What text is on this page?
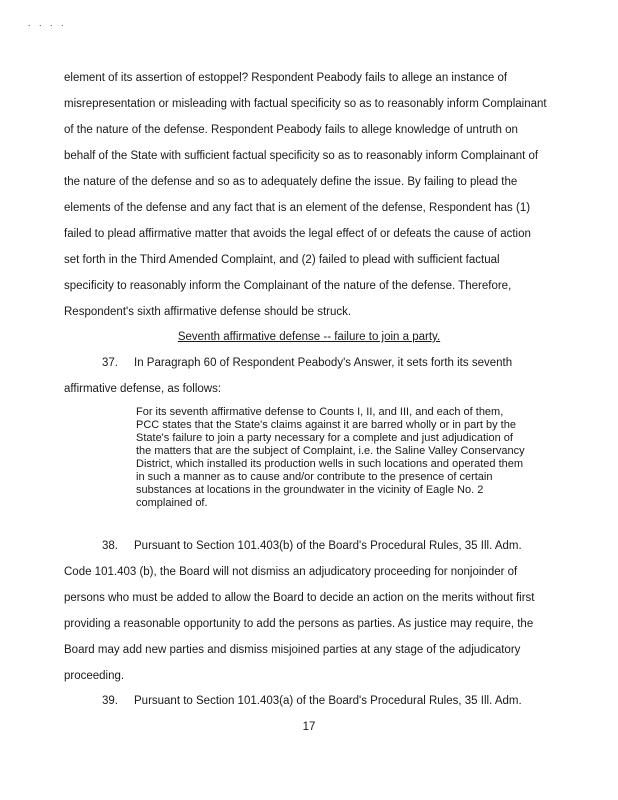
. . . .
element of its assertion of estoppel? Respondent Peabody fails to allege an instance of
misrepresentation or misleading with factual specificity so as to reasonably inform Complainant
of the nature of the defense. Respondent Peabody fails to allege knowledge of untruth on
behalf of the State with sufficient factual specificity so as to reasonably inform Complainant of
the nature of the defense and so as to adequately define the issue. By failing to plead the
elements of the defense and any fact that is an element of the defense, Respondent has (1)
failed to plead affirmative matter that avoids the legal effect of or defeats the cause of action
set forth in the Third Amended Complaint, and (2) failed to plead with sufficient factual
specificity to reasonably inform the Complainant of the nature of the defense. Therefore,
Respondent's sixth affirmative defense should be struck.
Seventh affirmative defense -- failure to join a party.
37. In Paragraph 60 of Respondent Peabody's Answer, it sets forth its seventh
affirmative defense, as follows:
For its seventh affirmative defense to Counts I, II, and III, and each of them,
PCC states that the State's claims against it are barred wholly or in part by the
State's failure to join a party necessary for a complete and just adjudication of
the matters that are the subject of Complaint, i.e. the Saline Valley Conservancy
District, which installed its production wells in such locations and operated them
in such a manner as to cause and/or contribute to the presence of certain
substances at locations in the groundwater in the vicinity of Eagle No. 2
complained of.
38. Pursuant to Section 101.403(b) of the Board's Procedural Rules, 35 Ill. Adm.
Code 101.403 (b), the Board will not dismiss an adjudicatory proceeding for nonjoinder of
persons who must be added to allow the Board to decide an action on the merits without first
providing a reasonable opportunity to add the persons as parties. As justice may require, the
Board may add new parties and dismiss misjoined parties at any stage of the adjudicatory
proceeding.
39. Pursuant to Section 101.403(a) of the Board's Procedural Rules, 35 Ill. Adm.
17
